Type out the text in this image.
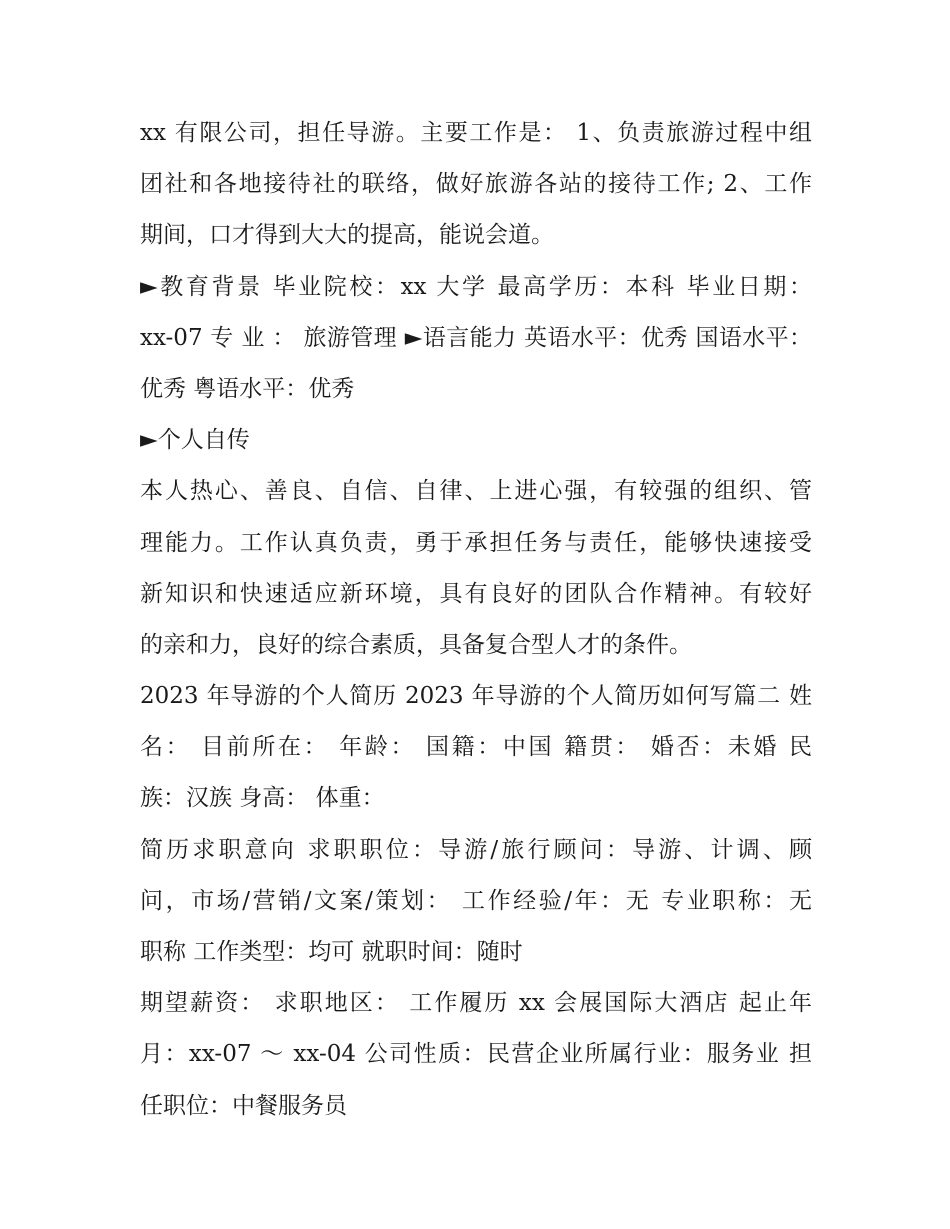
xx 有限公司，担任导游。主要工作是： 1、负责旅游过程中组
团社和各地接待社的联络，做好旅游各站的接待工作; 2、工作
期间，口才得到大大的提高，能说会道。
►教育背景 毕业院校：xx 大学 最高学历：本科 毕业日期：
xx-07 专 业 ： 旅游管理 ►语言能力 英语水平：优秀 国语水平：
优秀 粤语水平：优秀
►个人自传
本人热心、善良、自信、自律、上进心强，有较强的组织、管
理能力。工作认真负责，勇于承担任务与责任，能够快速接受
新知识和快速适应新环境，具有良好的团队合作精神。有较好
的亲和力，良好的综合素质，具备复合型人才的条件。
2023 年导游的个人简历 2023 年导游的个人简历如何写篇二 姓
名： 目前所在： 年龄： 国籍：中国 籍贯： 婚否：未婚 民
族：汉族 身高： 体重：
简历求职意向 求职职位：导游/旅行顾问：导游、计调、顾
问，市场/营销/文案/策划： 工作经验/年：无 专业职称：无
职称 工作类型：均可 就职时间：随时
期望薪资： 求职地区： 工作履历 xx 会展国际大酒店 起止年
月：xx-07 ～ xx-04 公司性质：民营企业所属行业：服务业 担
任职位：中餐服务员
